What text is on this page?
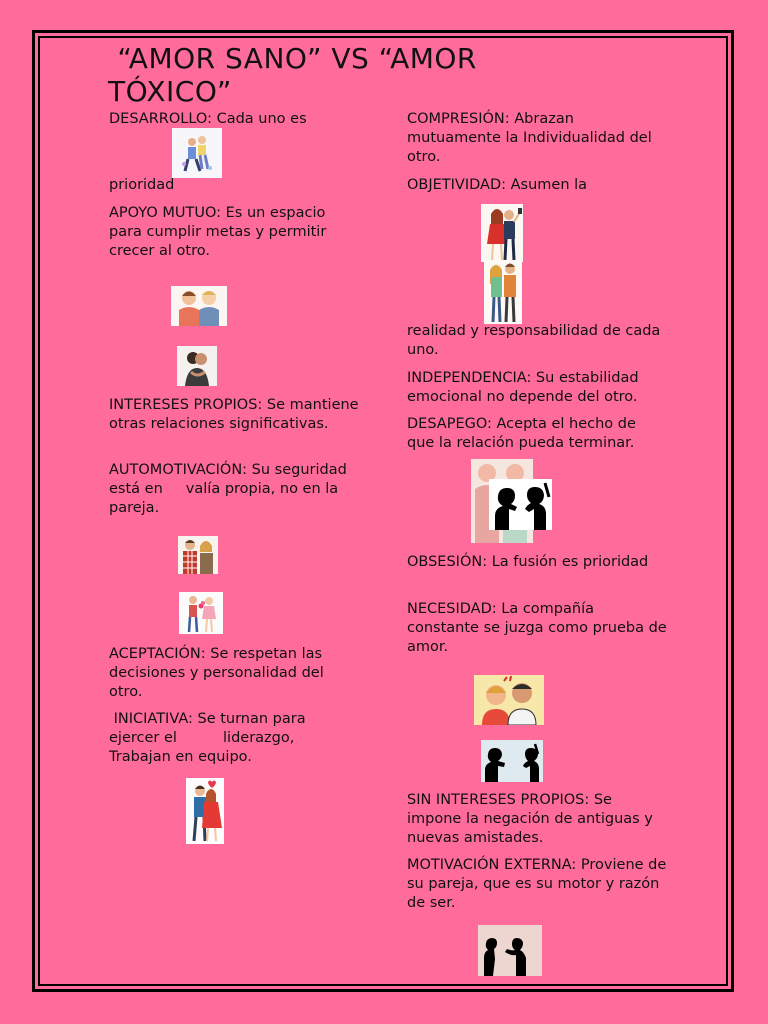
“AMOR SANO” VS “AMOR TÓXICO”

DESARROLLO: Cada uno es

prioridad

APOYO MUTUO: Es un espacio para cumplir metas y permitir crecer al otro.

INTERESES PROPIOS: Se mantiene otras relaciones significativas.

AUTOMOTIVACIÓN: Su seguridad está en     valía propia, no en la pareja.

ACEPTACIÓN: Se respetan las decisiones y personalidad del otro.

INICIATIVA: Se turnan para ejercer el          liderazgo, Trabajan en equipo.

COMPRESIÓN: Abrazan mutuamente la Individualidad del otro.

OBJETIVIDAD: Asumen la

realidad y responsabilidad de cada uno.

INDEPENDENCIA: Su estabilidad emocional no depende del otro.

DESAPEGO: Acepta el hecho de que la relación pueda terminar.

OBSESIÓN: La fusión es prioridad

NECESIDAD: La compañía constante se juzga como prueba de amor.

SIN INTERESES PROPIOS: Se impone la negación de antiguas y nuevas amistades.

MOTIVACIÓN EXTERNA: Proviene de su pareja, que es su motor y razón de ser.
